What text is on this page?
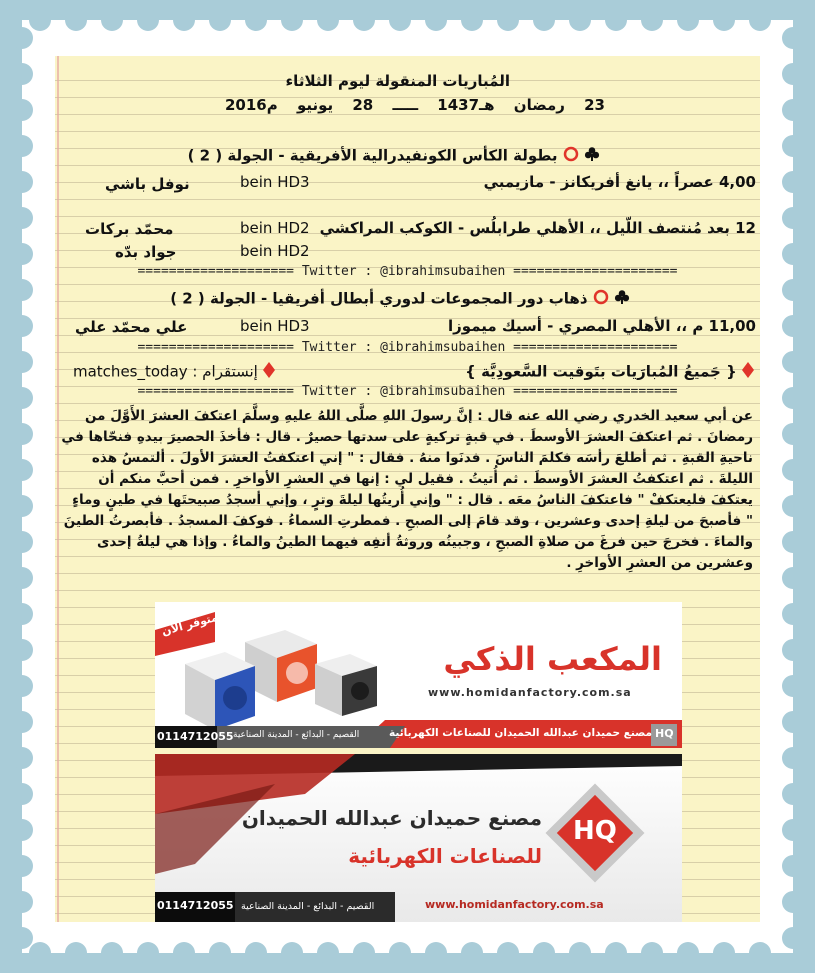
المُباريات المنقولة ليوم الثلاثاء
2016م يونيو 28 ـــــ 1437هـ رمضان 23
بطولة الكأس الكونفيدرالية الأفريقية - الجولة ( 2 )
4,00 عصراً ،، يانغ أفريكانز - مازيمبي
bein HD3
نوفل باشي
12 بعد مُنتصف اللّيل ،، الأهلي طرابلُس - الكوكب المراكشي
bein HD2
محمّد بركات
bein HD2
جواد بدّه
==================== Twitter : @ibrahimsubaihen =====================
ذهاب دور المجموعات لدوري أبطال أفريقيا - الجولة ( 2 )
11,00 م ،، الأهلي المصري - أسيك ميموزا
bein HD3
علي محمّد علي
==================== Twitter : @ibrahimsubaihen =====================
{ جَميعُ المُبارَيات بتَوقيت السَّعودِيَّة }
إنستقرام : matches_today
==================== Twitter : @ibrahimsubaihen =====================
عن أبي سعيد الخدري رضي الله عنه قال : إنَّ رسولَ اللهِ صلَّى اللهُ عليهِ وسلَّمَ اعتكفَ العشرَ الأَوَّلَ من رمضانَ . ثم اعتكفَ العشرَ الأوسطَ . في قبةٍ تركيةٍ على سدتها حصيرٌ . قال : فأخذَ الحصيرَ بيدهِ فنحّاها في ناحيةِ القبةِ . ثم أطلعَ رأسَه فكلمَ الناسَ . فدنَوا منهُ . فقال : " إني اعتكفتُ العشرَ الأولَ . ألتمسُ هذه الليلةَ . ثم اعتكفتُ العشرَ الأوسطَ . ثم أُتيتُ . فقيل لي : إنها في العشرِ الأواخرِ . فمن أحبَّ منكم أن يعتكفَ فليعتكفْ " فاعتكفَ الناسُ معَه . قال : " وإني أُريتُها ليلةَ وترٍ ، وإني أسجدُ صبيحتَها في طينٍ وماءٍ " فأصبحَ من ليلةِ إحدى وعشرين ، وقد قامَ إلى الصبحِ . فمطرتِ السماءُ . فوكفَ المسجدُ . فأبصرتُ الطينَ والماءَ . فخرجَ حين فرغَ من صلاةِ الصبحِ ، وجبينُه وروثةُ أنفِه فيهما الطينُ والماءُ . وإذا هي ليلةُ إحدى وعشرين من العشرِ الأواخرِ .
متوفر الآن
المكعب الذكي
www.homidanfactory.com.sa
مصنع حميدان عبدالله الحميدان للصناعات الكهربائية
القصيم - البدائع - المدينة الصناعية
0114712055	HQ
HQ
مصنع حميدان عبدالله الحميدان
للصناعات الكهربائية
www.homidanfactory.com.sa
القصيم - البدائع - المدينة الصناعية
0114712055
